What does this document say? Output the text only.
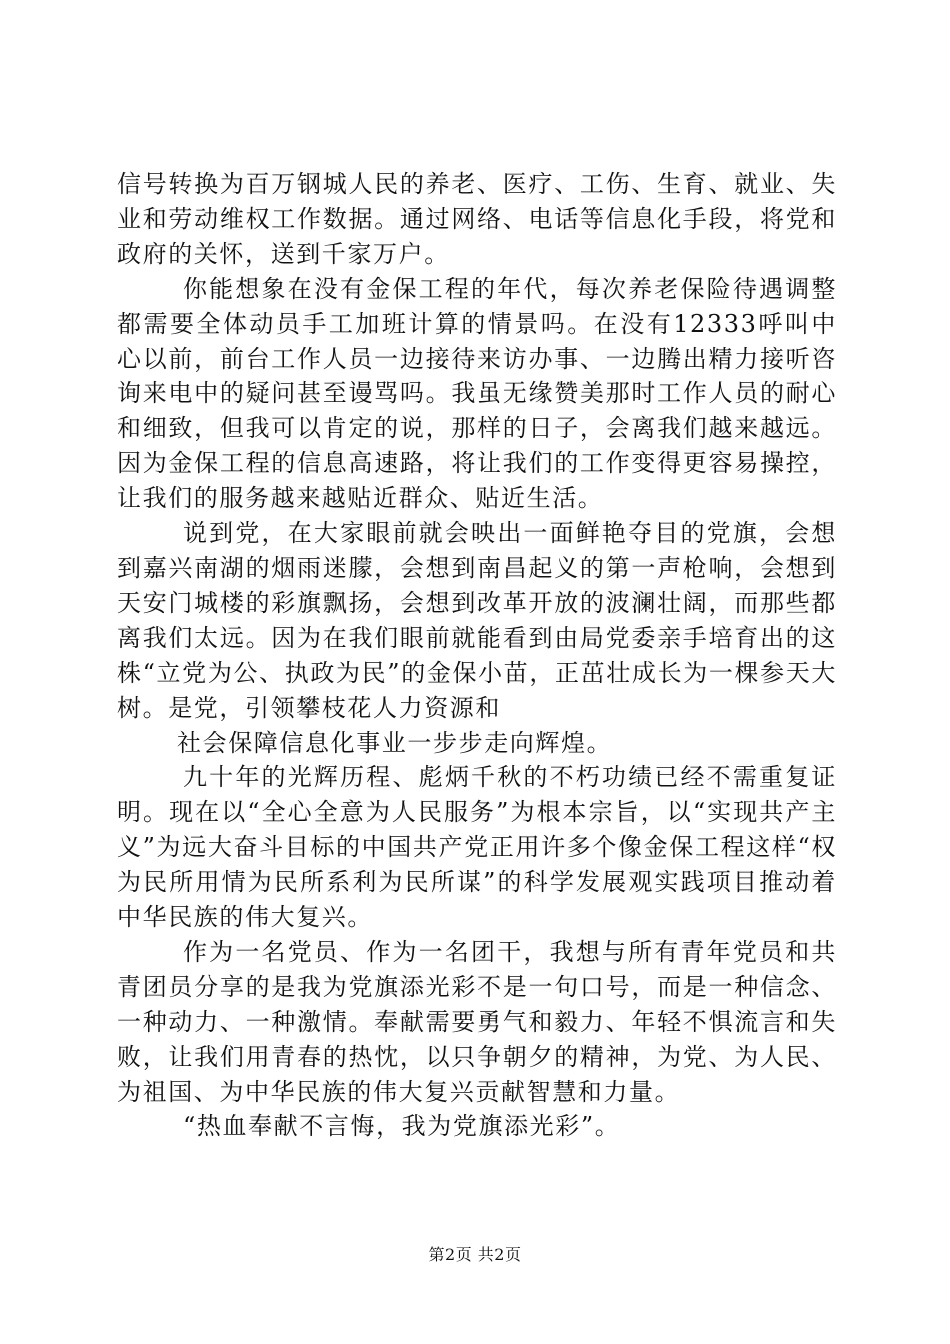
信号转换为百万钢城人民的养老、医疗、工伤、生育、就业、失业和劳动维权工作数据。通过网络、电话等信息化手段，将党和政府的关怀，送到千家万户。

你能想象在没有金保工程的年代，每次养老保险待遇调整都需要全体动员手工加班计算的情景吗。在没有12333呼叫中心以前，前台工作人员一边接待来访办事、一边腾出精力接听咨询来电中的疑问甚至谩骂吗。我虽无缘赞美那时工作人员的耐心和细致，但我可以肯定的说，那样的日子，会离我们越来越远。因为金保工程的信息高速路，将让我们的工作变得更容易操控，让我们的服务越来越贴近群众、贴近生活。

说到党，在大家眼前就会映出一面鲜艳夺目的党旗，会想到嘉兴南湖的烟雨迷朦，会想到南昌起义的第一声枪响，会想到天安门城楼的彩旗飘扬，会想到改革开放的波澜壮阔，而那些都离我们太远。因为在我们眼前就能看到由局党委亲手培育出的这株“立党为公、执政为民”的金保小苗，正茁壮成长为一棵参天大树。是党，引领攀枝花人力资源和

社会保障信息化事业一步步走向辉煌。

九十年的光辉历程、彪炳千秋的不朽功绩已经不需重复证明。现在以“全心全意为人民服务”为根本宗旨，以“实现共产主义”为远大奋斗目标的中国共产党正用许多个像金保工程这样“权为民所用情为民所系利为民所谋”的科学发展观实践项目推动着中华民族的伟大复兴。

作为一名党员、作为一名团干，我想与所有青年党员和共青团员分享的是我为党旗添光彩不是一句口号，而是一种信念、一种动力、一种激情。奉献需要勇气和毅力、年轻不惧流言和失败，让我们用青春的热忱，以只争朝夕的精神，为党、为人民、为祖国、为中华民族的伟大复兴贡献智慧和力量。

“热血奉献不言悔，我为党旗添光彩”。

第2页 共2页
